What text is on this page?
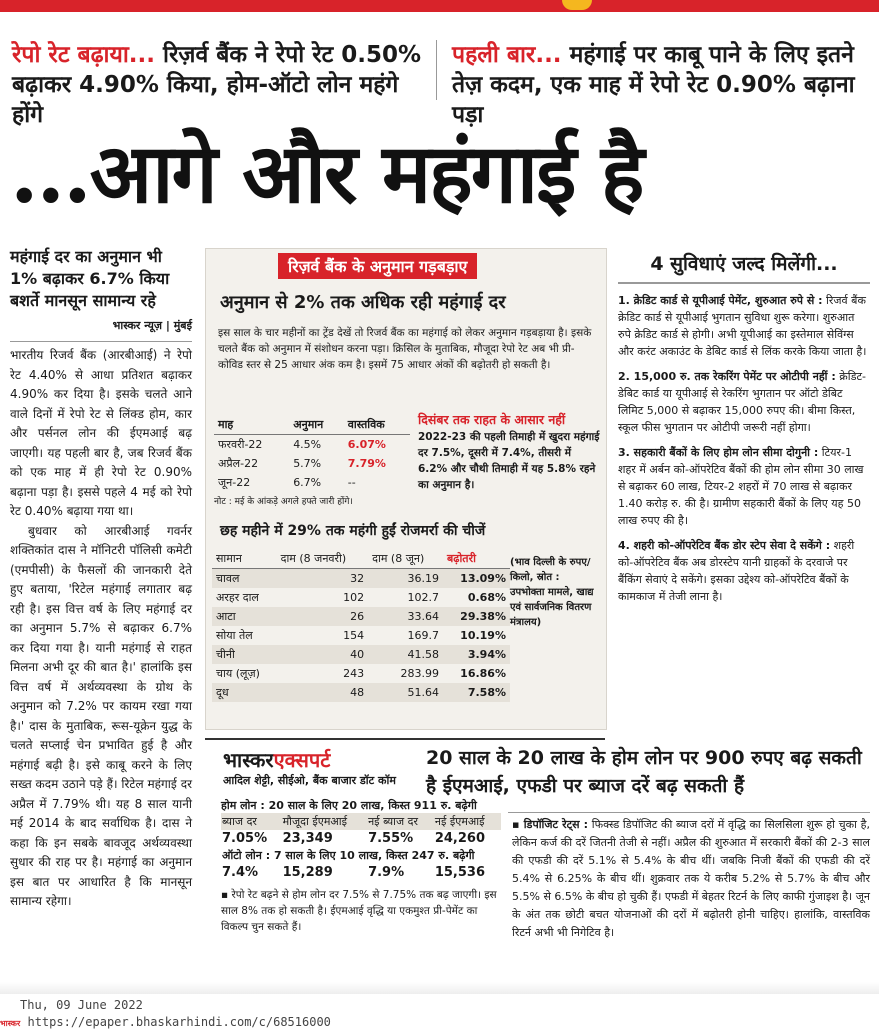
रेपो रेट बढ़ाया... रिज़र्व बैंक ने रेपो रेट 0.50% बढ़ाकर 4.90% किया, होम-ऑटो लोन महंगे होंगे
पहली बार... महंगाई पर काबू पाने के लिए इतने तेज़ कदम, एक माह में रेपो रेट 0.90% बढ़ाना पड़ा
...आगे और महंगाई है
महंगाई दर का अनुमान भी 1% बढ़ाकर 6.7% किया बशर्ते मानसून सामान्य रहे
भास्कर न्यूज़ | मुंबई
भारतीय रिजर्व बैंक (आरबीआई) ने रेपो रेट 4.40% से आधा प्रतिशत बढ़ाकर 4.90% कर दिया है। इसके चलते आने वाले दिनों में रेपो रेट से लिंक्ड होम, कार और पर्सनल लोन की ईएमआई बढ़ जाएगी। यह पहली बार है, जब रिजर्व बैंक को एक माह में ही रेपो रेट 0.90% बढ़ाना पड़ा है। इससे पहले 4 मई को रेपो रेट 0.40% बढ़ाया गया था।
बुधवार को आरबीआई गवर्नर शक्तिकांत दास ने मॉनिटरी पॉलिसी कमेटी (एमपीसी) के फैसलों की जानकारी देते हुए बताया, 'रिटेल महंगाई लगातार बढ़ रही है। इस वित्त वर्ष के लिए महंगाई दर का अनुमान 5.7% से बढ़ाकर 6.7% कर दिया गया है। यानी महंगाई से राहत मिलना अभी दूर की बात है।' हालांकि इस वित्त वर्ष में अर्थव्यवस्था के ग्रोथ के अनुमान को 7.2% पर कायम रखा गया है।' दास के मुताबिक, रूस-यूक्रेन युद्ध के चलते सप्लाई चेन प्रभावित हुई है और महंगाई बढ़ी है। इसे काबू करने के लिए सख्त कदम उठाने पड़े हैं। रिटेल महंगाई दर अप्रैल में 7.79% थी। यह 8 साल यानी मई 2014 के बाद सर्वाधिक है। दास ने कहा कि इन सबके बावजूद अर्थव्यवस्था सुधार की राह पर है। महंगाई का अनुमान इस बात पर आधारित है कि मानसून सामान्य रहेगा।
रिज़र्व बैंक के अनुमान गड़बड़ाए
अनुमान से 2% तक अधिक रही महंगाई दर
इस साल के चार महीनों का ट्रेंड देखें तो रिजर्व बैंक का महंगाई को लेकर अनुमान गड़बड़ाया है। इसके चलते बैंक को अनुमान में संशोधन करना पड़ा। क्रिसिल के मुताबिक, मौजूदा रेपो रेट अब भी प्री-कोविड स्तर से 25 आधार अंक कम है। इसमें 75 आधार अंकों की बढ़ोतरी हो सकती है।
माह	अनुमान	वास्तविक
फरवरी-22	4.5%	6.07%
अप्रैल-22	5.7%	7.79%
जून-22	6.7%	--
नोट : मई के आंकड़े अगले हफ्ते जारी होंगे।
दिसंबर तक राहत के आसार नहीं
2022-23 की पहली तिमाही में खुदरा महंगाई दर 7.5%, दूसरी में 7.4%, तीसरी में 6.2% और चौथी तिमाही में यह 5.8% रहने का अनुमान है।
छह महीने में 29% तक महंगी हुईं रोजमर्रा की चीजें
सामान	दाम (8 जनवरी)	दाम (8 जून)	बढ़ोतरी
चावल	32	36.19	13.09%
अरहर दाल	102	102.7	0.68%
आटा	26	33.64	29.38%
सोया तेल	154	169.7	10.19%
चीनी	40	41.58	3.94%
चाय (लूज़)	243	283.99	16.86%
दूध	48	51.64	7.58%
(भाव दिल्ली के रुपए/किलो, स्रोत : उपभोक्ता मामले, खाद्य एवं सार्वजनिक वितरण मंत्रालय)
4 सुविधाएं जल्द मिलेंगी...
1. क्रेडिट कार्ड से यूपीआई पेमेंट, शुरुआत रुपे से : रिजर्व बैंक क्रेडिट कार्ड से यूपीआई भुगतान सुविधा शुरू करेगा। शुरुआत रुपे क्रेडिट कार्ड से होगी। अभी यूपीआई का इस्तेमाल सेविंग्स और करंट अकाउंट के डेबिट कार्ड से लिंक करके किया जाता है।
2. 15,000 रु. तक रेकरिंग पेमेंट पर ओटीपी नहीं : क्रेडिट-डेबिट कार्ड या यूपीआई से रेकरिंग भुगतान पर ऑटो डेबिट लिमिट 5,000 से बढ़ाकर 15,000 रुपए की। बीमा किस्त, स्कूल फीस भुगतान पर ओटीपी जरूरी नहीं होगा।
3. सहकारी बैंकों के लिए होम लोन सीमा दोगुनी : टियर-1 शहर में अर्बन को-ऑपरेटिव बैंकों की होम लोन सीमा 30 लाख से बढ़ाकर 60 लाख, टियर-2 शहरों में 70 लाख से बढ़ाकर 1.40 करोड़ रु. की है। ग्रामीण सहकारी बैंकों के लिए यह 50 लाख रुपए की है।
4. शहरी को-ऑपरेटिव बैंक डोर स्टेप सेवा दे सकेंगे : शहरी को-ऑपरेटिव बैंक अब डोरस्टेप यानी ग्राहकों के दरवाजे पर बैंकिंग सेवाएं दे सकेंगे। इसका उद्देश्य को-ऑपरेटिव बैंकों के कामकाज में तेजी लाना है।
भास्करएक्सपर्ट
आदिल शेट्टी, सीईओ, बैंक बाजार डॉट कॉम
होम लोन : 20 साल के लिए 20 लाख, किस्त 911 रु. बढ़ेगी
ब्याज दर	मौजूदा ईएमआई	नई ब्याज दर	नई ईएमआई
7.05%	23,349	7.55%	24,260
ऑटो लोन : 7 साल के लिए 10 लाख, किस्त 247 रु. बढ़ेगी			
7.4%	15,289	7.9%	15,536
▪ रेपो रेट बढ़ने से होम लोन दर 7.5% से 7.75% तक बढ़ जाएगी। इस साल 8% तक हो सकती है। ईएमआई वृद्धि या एकमुश्त प्री-पेमेंट का विकल्प चुन सकते हैं।
20 साल के 20 लाख के होम लोन पर 900 रुपए बढ़ सकती है ईएमआई, एफडी पर ब्याज दरें बढ़ सकती हैं
▪ डिपॉजिट रेट्स : फिक्स्ड डिपॉजिट की ब्याज दरों में वृद्धि का सिलसिला शुरू हो चुका है, लेकिन कर्ज की दरें जितनी तेजी से नहीं। अप्रैल की शुरुआत में सरकारी बैंकों की 2-3 साल की एफडी की दरें 5.1% से 5.4% के बीच थीं। जबकि निजी बैंकों की एफडी की दरें 5.4% से 6.25% के बीच थीं। शुक्रवार तक ये करीब 5.2% से 5.7% के बीच और 5.5% से 6.5% के बीच हो चुकी हैं। एफडी में बेहतर रिटर्न के लिए काफी गुंजाइश है। जून के अंत तक छोटी बचत योजनाओं की दरों में बढ़ोतरी होनी चाहिए। हालांकि, वास्तविक रिटर्न अभी भी निगेटिव है।
Thu, 09 June 2022
भास्कर https://epaper.bhaskarhindi.com/c/68516000
